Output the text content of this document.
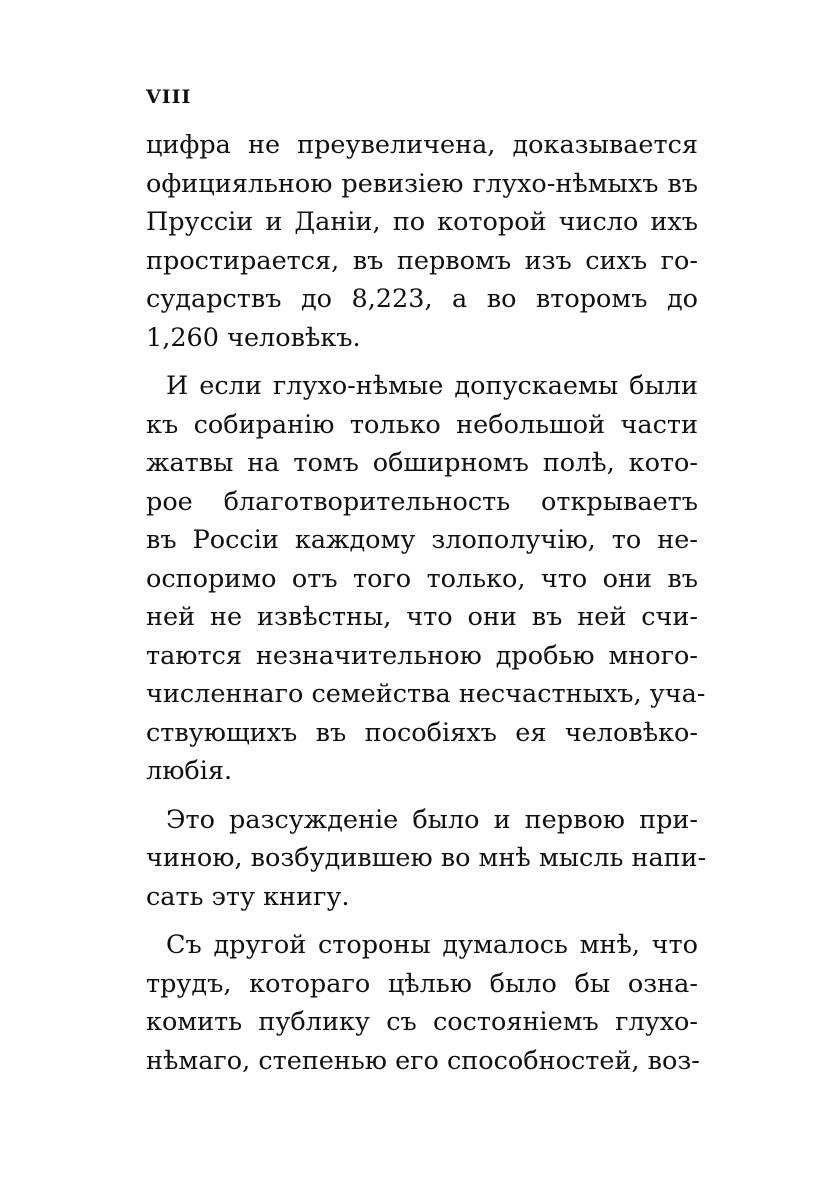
VIII
цифра не преувеличена, доказывается
официяльною ревизіею глухо-нѣмыхъ въ
Пруссіи и Даніи, по которой число ихъ
простирается, въ первомъ изъ сихъ го-
сударствъ до 8,223, а во второмъ до
1,260 человѣкъ.
И если глухо-нѣмые допускаемы были
къ собиранію только небольшой части
жатвы на томъ обширномъ полѣ, кото-
рое благотворительность открываетъ
въ Россіи каждому злополучію, то не-
оспоримо отъ того только, что они въ
ней не извѣстны, что они въ ней счи-
таются незначительною дробью много-
численнаго семейства несчастныхъ, уча-
ствующихъ въ пособіяхъ ея человѣко-
любія.
Это разсужденіе было и первою при-
чиною, возбудившею во мнѣ мысль напи-
сать эту книгу.
Съ другой стороны думалось мнѣ, что
трудъ, котораго цѣлью было бы озна-
комить публику съ состояніемъ глухо-
нѣмаго, степенью его способностей, воз-
